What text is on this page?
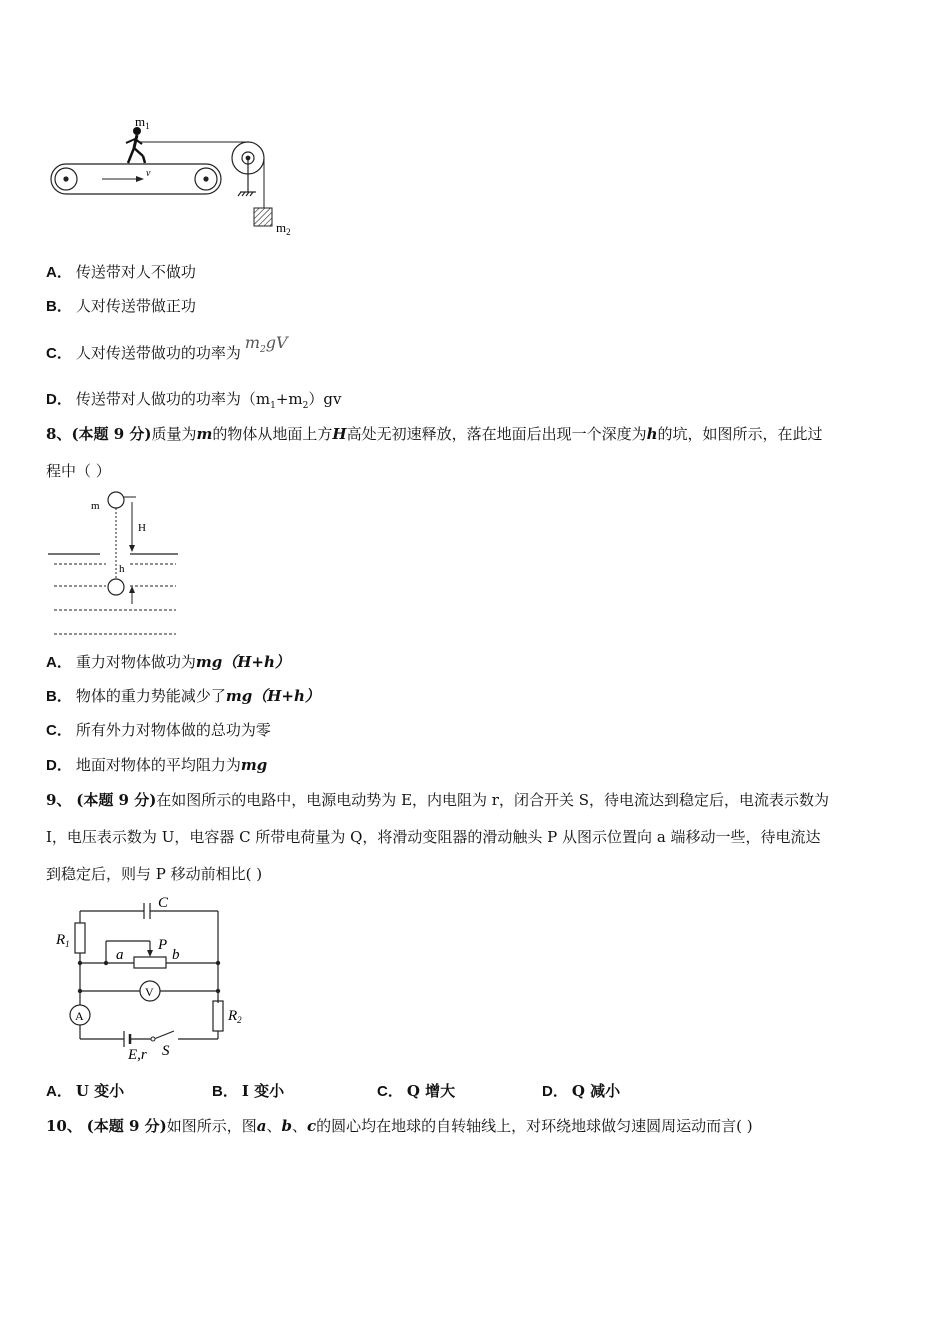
v
$m_1$
$m_2$
A． 传送带对人不做功
B． 人对传送带做正功
C． 人对传送带做功的功率为$m_2gV$
D． 传送带对人做功的功率为$(m_1+m_2)gv$
8、(本题 9 分)质量为m的物体从地面上方H高处无初速释放，落在地面后出现一个深度为h的坑，如图所示，在此过
程中（ ）
m
H
h
A． 重力对物体做功为mg（H+h）
B． 物体的重力势能减少了mg（H+h）
C． 所有外力对物体做的总功为零
D． 地面对物体的平均阻力为mg
9、 (本题 9 分)在如图所示的电路中，电源电动势为 E，内电阻为 r，闭合开关 S，待电流达到稳定后，电流表示数为
I，电压表示数为 U，电容器 C 所带电荷量为 Q，将滑动变阻器的滑动触头 P 从图示位置向 a 端移动一些，待电流达
到稳定后，则与 P 移动前相比( )
C
$R_1$
a
P
b
V
A	$R_2$
E,r S
A． U 变小	B． I 变小	C． Q 增大	D． Q 减小
10、 (本题 9 分)如图所示，图a、b、c的圆心均在地球的自转轴线上，对环绕地球做匀速圆周运动而言( )
